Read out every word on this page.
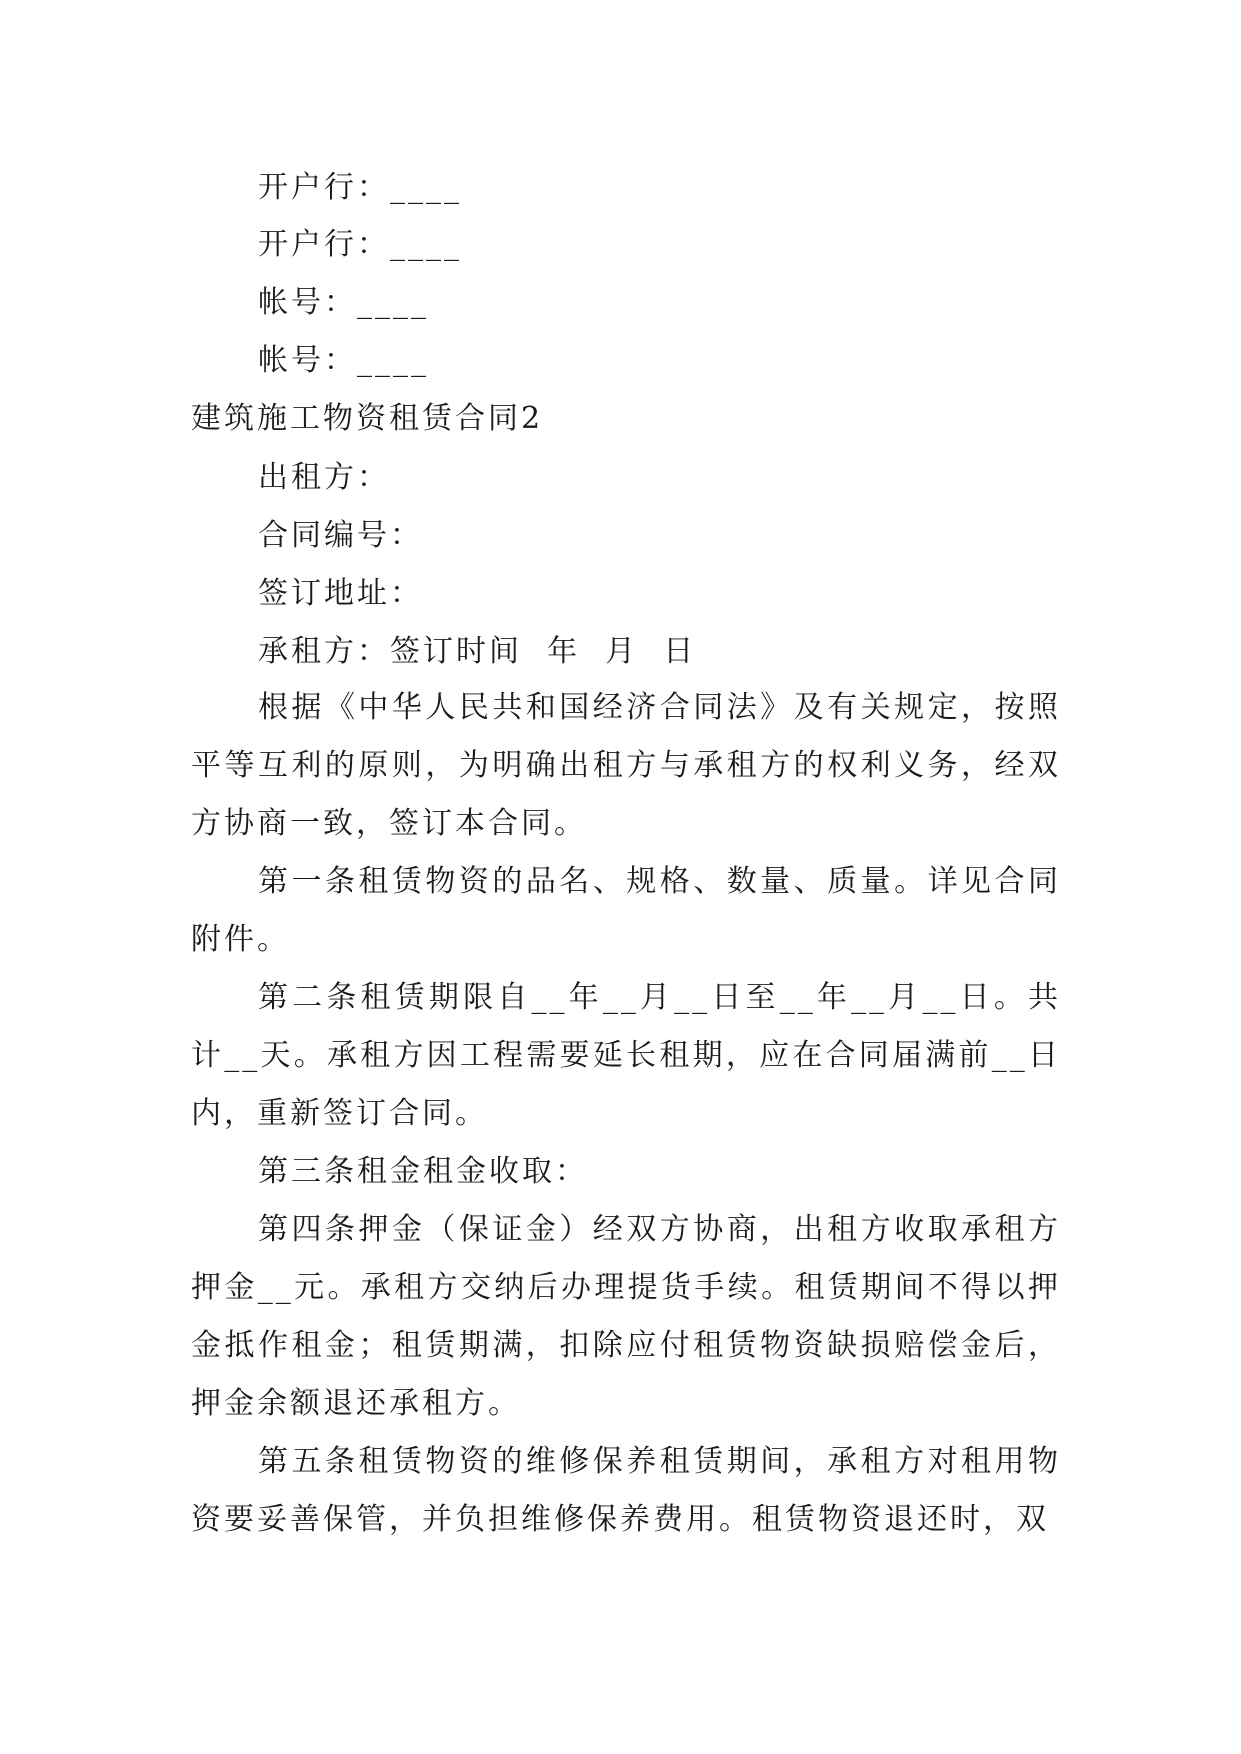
开户行：____
开户行：____
帐号：____
帐号：____
建筑施工物资租赁合同2
出租方：
合同编号：
签订地址：
承租方：签订时间  年  月  日

根据《中华人民共和国经济合同法》及有关规定，按照平等互利的原则，为明确出租方与承租方的权利义务，经双方协商一致，签订本合同。

第一条租赁物资的品名、规格、数量、质量。详见合同附件。

第二条租赁期限自__年__月__日至__年__月__日。共计__天。承租方因工程需要延长租期，应在合同届满前__日内，重新签订合同。

第三条租金租金收取：

第四条押金（保证金）经双方协商，出租方收取承租方押金__元。承租方交纳后办理提货手续。租赁期间不得以押金抵作租金；租赁期满，扣除应付租赁物资缺损赔偿金后，押金余额退还承租方。

第五条租赁物资的维修保养租赁期间，承租方对租用物资要妥善保管，并负担维修保养费用。租赁物资退还时，双
